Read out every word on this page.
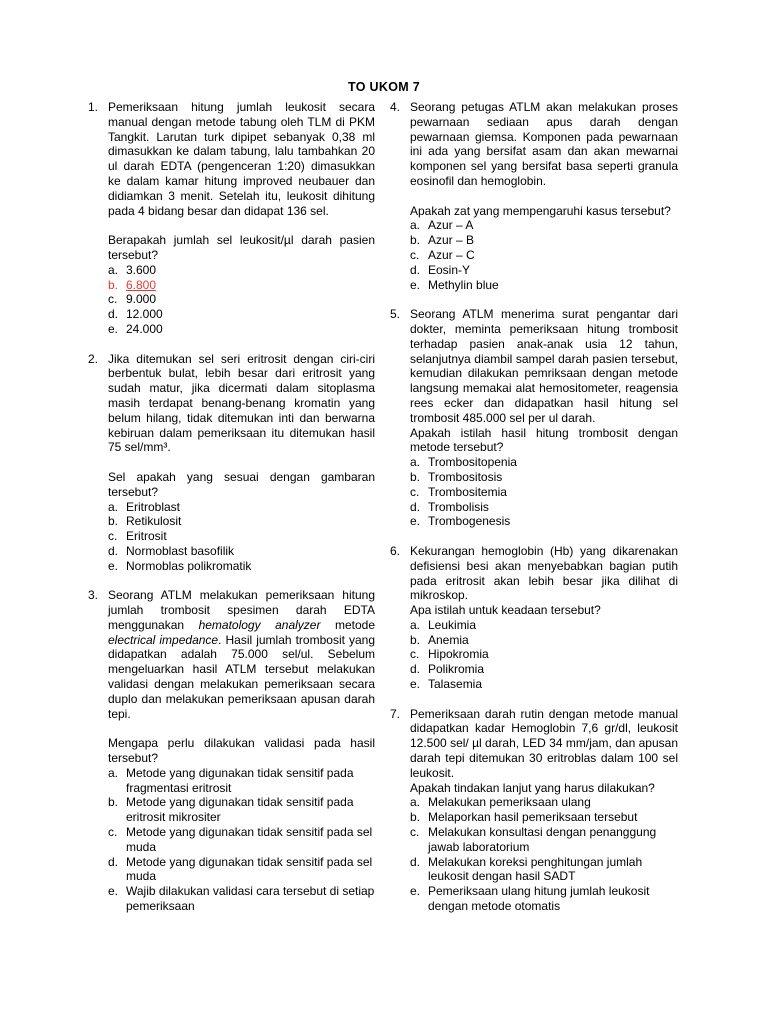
TO UKOM 7
1. Pemeriksaan hitung jumlah leukosit secara manual dengan metode tabung oleh TLM di PKM Tangkit. Larutan turk dipipet sebanyak 0,38 ml dimasukkan ke dalam tabung, lalu tambahkan 20 ul darah EDTA (pengenceran 1:20) dimasukkan ke dalam kamar hitung improved neubauer dan didiamkan 3 menit. Setelah itu, leukosit dihitung pada 4 bidang besar dan didapat 136 sel.

Berapakah jumlah sel leukosit/µl darah pasien tersebut?

a. 3.600
b. 6.800
c. 9.000
d. 12.000
e. 24.000
2. Jika ditemukan sel seri eritrosit dengan ciri-ciri berbentuk bulat, lebih besar dari eritrosit yang sudah matur, jika dicermati dalam sitoplasma masih terdapat benang-benang kromatin yang belum hilang, tidak ditemukan inti dan berwarna kebiruan dalam pemeriksaan itu ditemukan hasil 75 sel/mm³.

Sel apakah yang sesuai dengan gambaran tersebut?

a. Eritroblast
b. Retikulosit
c. Eritrosit
d. Normoblast basofilik
e. Normoblas polikromatik
3. Seorang ATLM melakukan pemeriksaan hitung jumlah trombosit spesimen darah EDTA menggunakan hematology analyzer metode electrical impedance. Hasil jumlah trombosit yang didapatkan adalah 75.000 sel/ul. Sebelum mengeluarkan hasil ATLM tersebut melakukan validasi dengan melakukan pemeriksaan secara duplo dan melakukan pemeriksaan apusan darah tepi.

Mengapa perlu dilakukan validasi pada hasil tersebut?

a. Metode yang digunakan tidak sensitif pada fragmentasi eritrosit
b. Metode yang digunakan tidak sensitif pada eritrosit mikrositer
c. Metode yang digunakan tidak sensitif pada sel muda
d. Metode yang digunakan tidak sensitif pada sel muda
e. Wajib dilakukan validasi cara tersebut di setiap pemeriksaan
4. Seorang petugas ATLM akan melakukan proses pewarnaan sediaan apus darah dengan pewarnaan giemsa. Komponen pada pewarnaan ini ada yang bersifat asam dan akan mewarnai komponen sel yang bersifat basa seperti granula eosinofil dan hemoglobin.

Apakah zat yang mempengaruhi kasus tersebut?

a. Azur – A
b. Azur – B
c. Azur – C
d. Eosin-Y
e. Methylin blue
5. Seorang ATLM menerima surat pengantar dari dokter, meminta pemeriksaan hitung trombosit terhadap pasien anak-anak usia 12 tahun, selanjutnya diambil sampel darah pasien tersebut, kemudian dilakukan pemriksaan dengan metode langsung memakai alat hemositometer, reagensia rees ecker dan didapatkan hasil hitung sel trombosit 485.000 sel per ul darah.

Apakah istilah hasil hitung trombosit dengan metode tersebut?

a. Trombositopenia
b. Trombositosis
c. Trombositemia
d. Trombolisis
e. Trombogenesis
6. Kekurangan hemoglobin (Hb) yang dikarenakan defisiensi besi akan menyebabkan bagian putih pada eritrosit akan lebih besar jika dilihat di mikroskop.

Apa istilah untuk keadaan tersebut?

a. Leukimia
b. Anemia
c. Hipokromia
d. Polikromia
e. Talasemia
7. Pemeriksaan darah rutin dengan metode manual didapatkan kadar Hemoglobin 7,6 gr/dl, leukosit 12.500 sel/ µl darah, LED 34 mm/jam, dan apusan darah tepi ditemukan 30 eritroblas dalam 100 sel leukosit.

Apakah tindakan lanjut yang harus dilakukan?

a. Melakukan pemeriksaan ulang
b. Melaporkan hasil pemeriksaan tersebut
c. Melakukan konsultasi dengan penanggung jawab laboratorium
d. Melakukan koreksi penghitungan jumlah leukosit dengan hasil SADT
e. Pemeriksaan ulang hitung jumlah leukosit dengan metode otomatis
